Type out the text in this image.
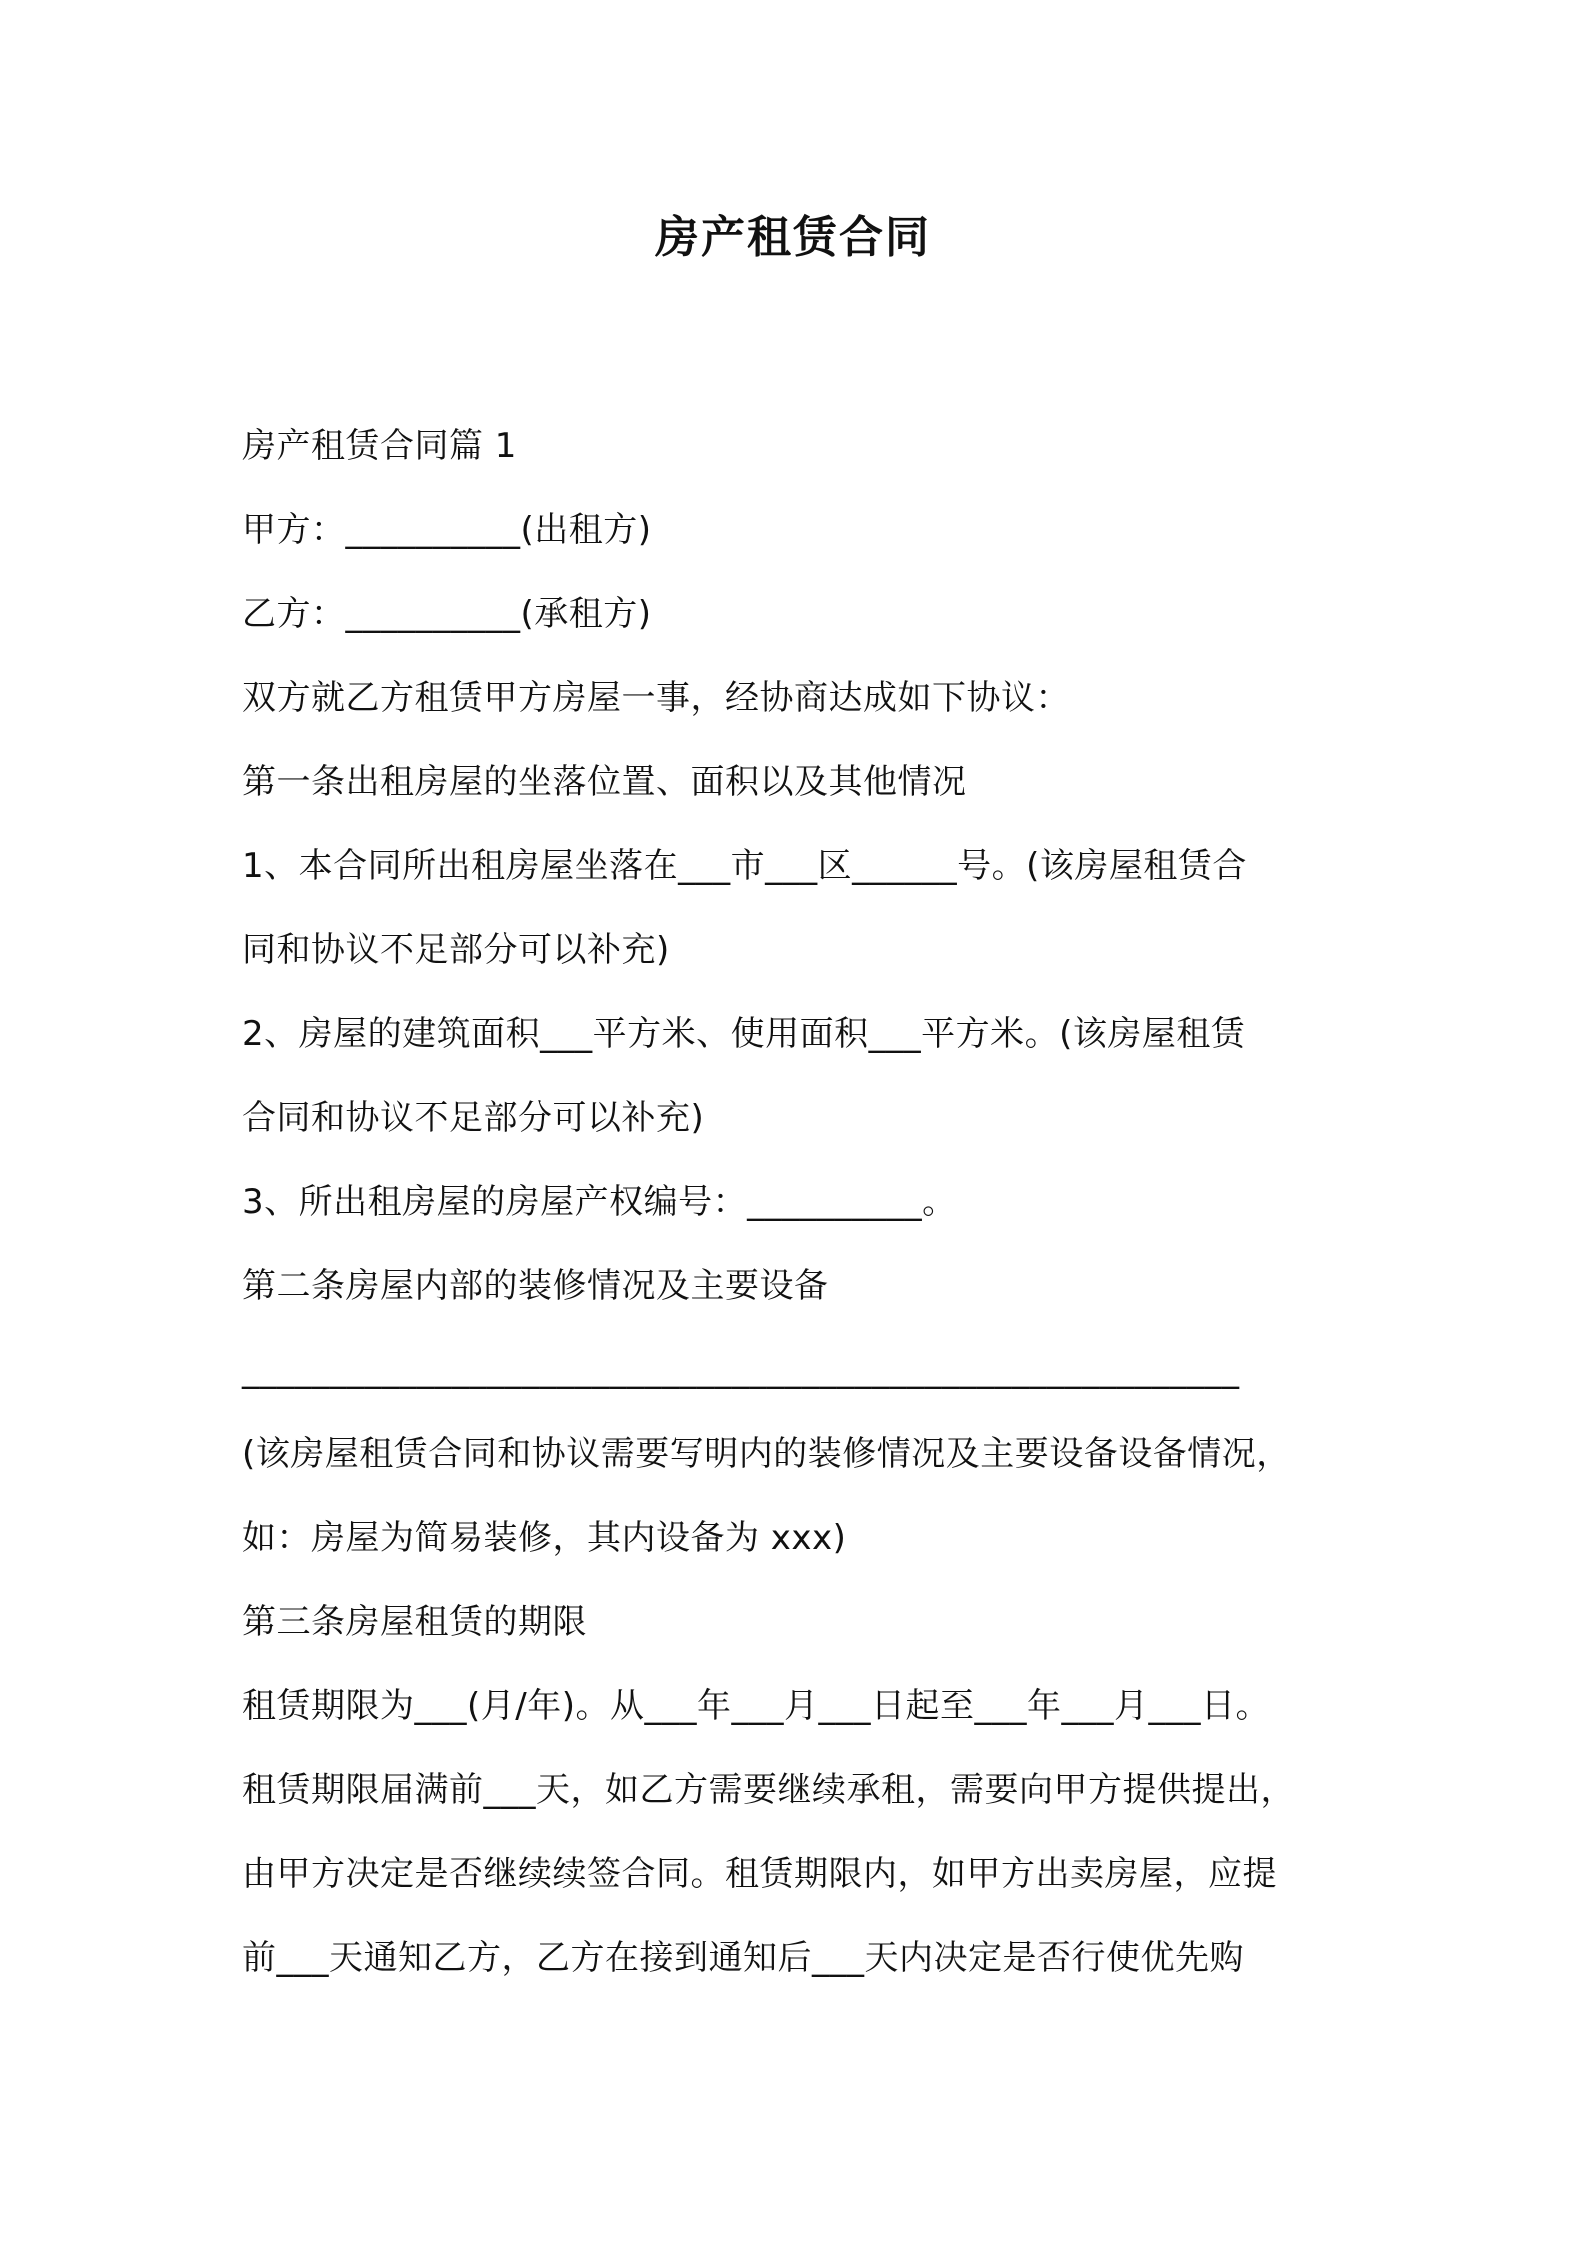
房产租赁合同
房产租赁合同篇 1
甲方：__________(出租方)
乙方：__________(承租方)
双方就乙方租赁甲方房屋一事，经协商达成如下协议：
第一条出租房屋的坐落位置、面积以及其他情况
1、本合同所出租房屋坐落在___市___区______号。(该房屋租赁合
同和协议不足部分可以补充)
2、房屋的建筑面积___平方米、使用面积___平方米。(该房屋租赁
合同和协议不足部分可以补充)
3、所出租房屋的房屋产权编号：__________。
第二条房屋内部的装修情况及主要设备
_________________________________________________________
(该房屋租赁合同和协议需要写明内的装修情况及主要设备设备情况，
如：房屋为简易装修，其内设备为 xxx)
第三条房屋租赁的期限
租赁期限为___(月/年)。从___年___月___日起至___年___月___日。
租赁期限届满前___天，如乙方需要继续承租，需要向甲方提供提出，
由甲方决定是否继续续签合同。租赁期限内，如甲方出卖房屋，应提
前___天通知乙方，乙方在接到通知后___天内决定是否行使优先购
